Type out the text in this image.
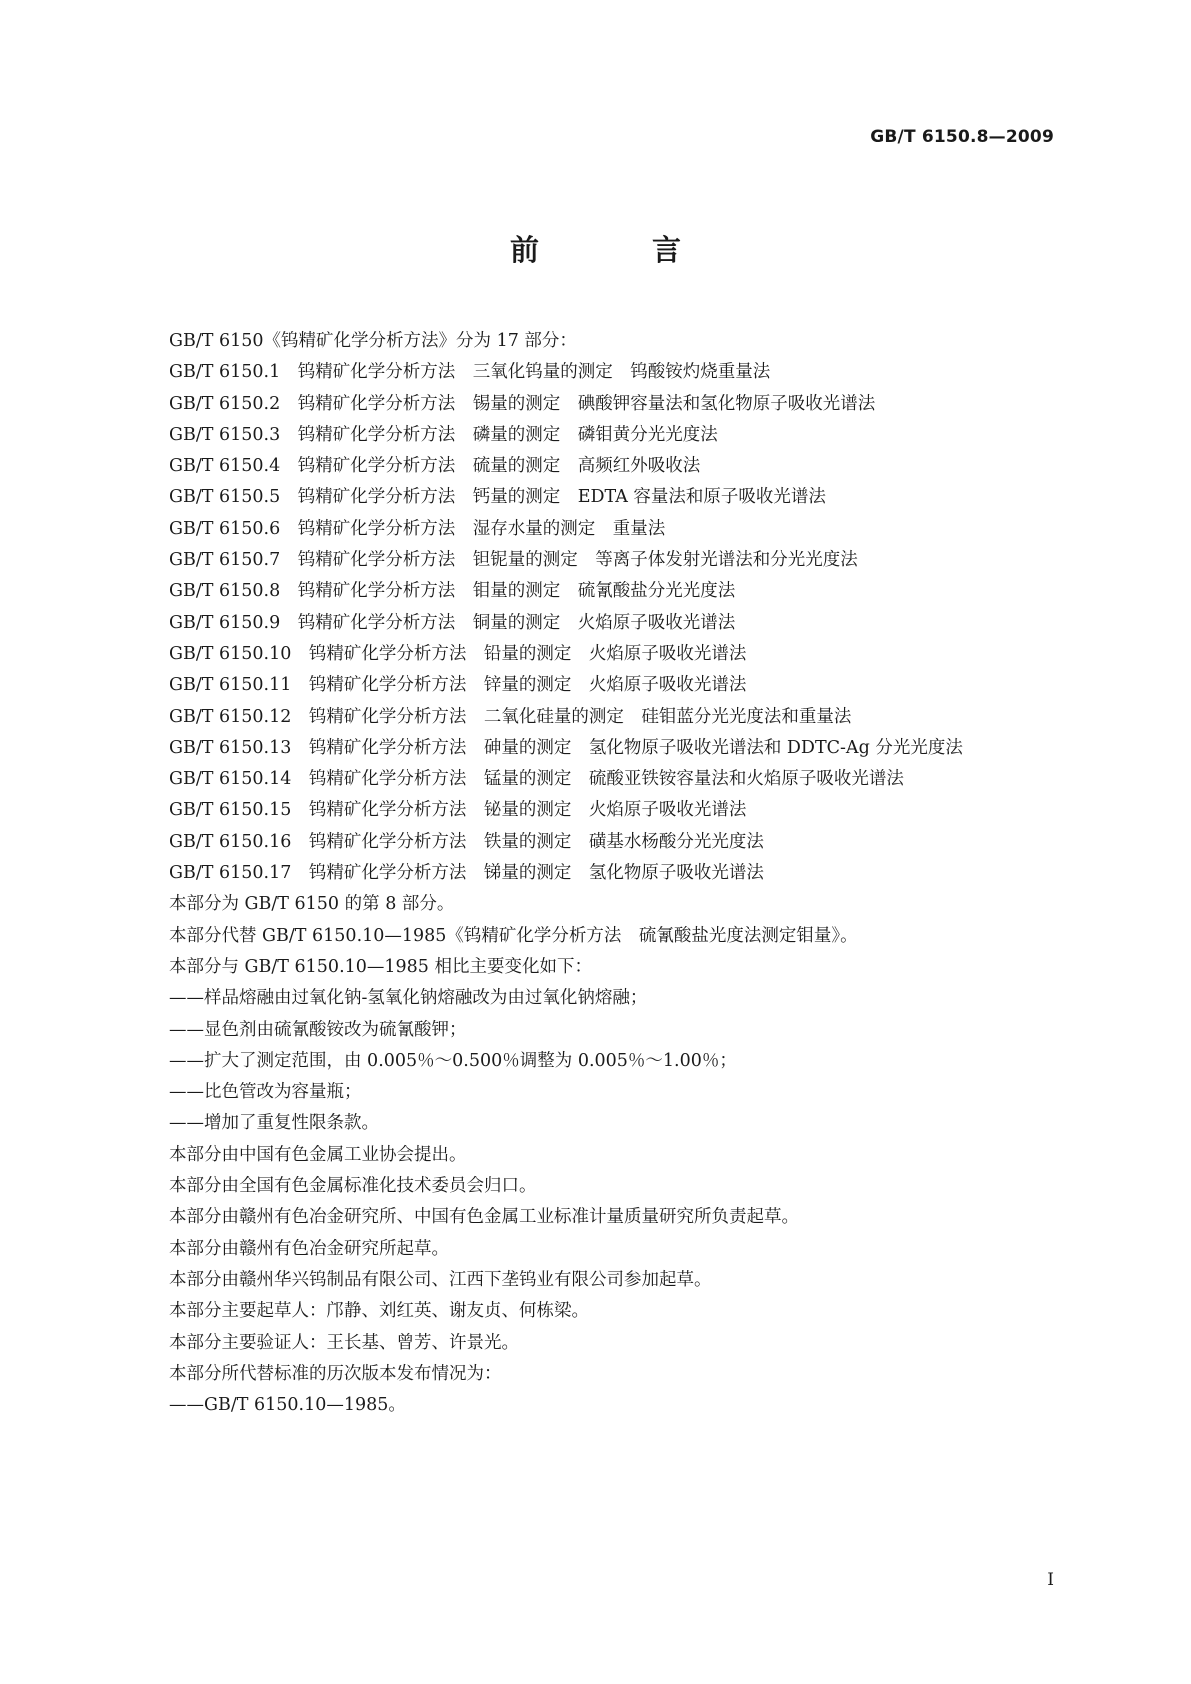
GB/T 6150.8—2009
前　言

GB/T 6150《钨精矿化学分析方法》分为 17 部分：

GB/T 6150.1　钨精矿化学分析方法　三氧化钨量的测定　钨酸铵灼烧重量法

GB/T 6150.2　钨精矿化学分析方法　锡量的测定　碘酸钾容量法和氢化物原子吸收光谱法

GB/T 6150.3　钨精矿化学分析方法　磷量的测定　磷钼黄分光光度法

GB/T 6150.4　钨精矿化学分析方法　硫量的测定　高频红外吸收法

GB/T 6150.5　钨精矿化学分析方法　钙量的测定　EDTA 容量法和原子吸收光谱法

GB/T 6150.6　钨精矿化学分析方法　湿存水量的测定　重量法

GB/T 6150.7　钨精矿化学分析方法　钽铌量的测定　等离子体发射光谱法和分光光度法

GB/T 6150.8　钨精矿化学分析方法　钼量的测定　硫氰酸盐分光光度法

GB/T 6150.9　钨精矿化学分析方法　铜量的测定　火焰原子吸收光谱法

GB/T 6150.10　钨精矿化学分析方法　铅量的测定　火焰原子吸收光谱法

GB/T 6150.11　钨精矿化学分析方法　锌量的测定　火焰原子吸收光谱法

GB/T 6150.12　钨精矿化学分析方法　二氧化硅量的测定　硅钼蓝分光光度法和重量法

GB/T 6150.13　钨精矿化学分析方法　砷量的测定　氢化物原子吸收光谱法和 DDTC-Ag 分光光度法

GB/T 6150.14　钨精矿化学分析方法　锰量的测定　硫酸亚铁铵容量法和火焰原子吸收光谱法

GB/T 6150.15　钨精矿化学分析方法　铋量的测定　火焰原子吸收光谱法

GB/T 6150.16　钨精矿化学分析方法　铁量的测定　磺基水杨酸分光光度法

GB/T 6150.17　钨精矿化学分析方法　锑量的测定　氢化物原子吸收光谱法

本部分为 GB/T 6150 的第 8 部分。

本部分代替 GB/T 6150.10—1985《钨精矿化学分析方法　硫氰酸盐光度法测定钼量》。

本部分与 GB/T 6150.10—1985 相比主要变化如下：

——样品熔融由过氧化钠-氢氧化钠熔融改为由过氧化钠熔融；

——显色剂由硫氰酸铵改为硫氰酸钾；

——扩大了测定范围，由 0.005％～0.500％调整为 0.005％～1.00％；

——比色管改为容量瓶；

——增加了重复性限条款。

本部分由中国有色金属工业协会提出。

本部分由全国有色金属标准化技术委员会归口。

本部分由赣州有色冶金研究所、中国有色金属工业标准计量质量研究所负责起草。

本部分由赣州有色冶金研究所起草。

本部分由赣州华兴钨制品有限公司、江西下垄钨业有限公司参加起草。

本部分主要起草人：邝静、刘红英、谢友贞、何栋梁。

本部分主要验证人：王长基、曾芳、许景光。

本部分所代替标准的历次版本发布情况为：

——GB/T 6150.10—1985。

I
